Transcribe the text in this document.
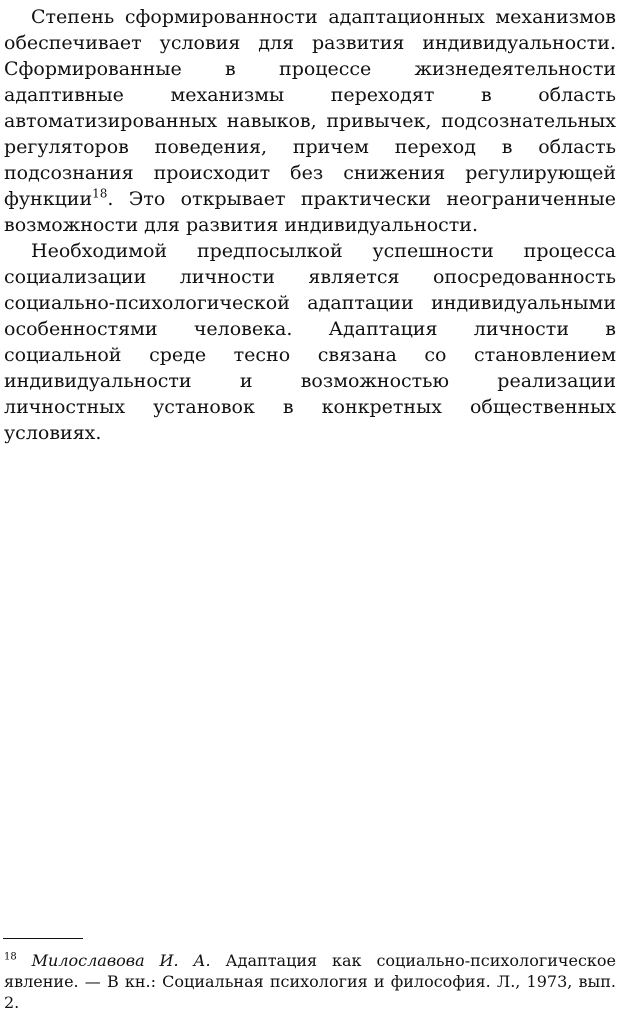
Степень сформированности адаптационных механизмов обеспечивает условия для развития индивидуальности. Сформированные в процессе жизнедеятельности адаптивные механизмы переходят в область автоматизированных навыков, привычек, подсознательных регуляторов поведения, причем переход в область подсознания происходит без снижения регулирующей функции$^{18}$. Это открывает практически неограниченные возможности для развития индивидуальности.

Необходимой предпосылкой успешности процесса социализации личности является опосредованность социально-психологической адаптации индивидуальными особенностями человека. Адаптация личности в социальной среде тесно связана со становлением индивидуальности и возможностью реализации личностных установок в конкретных общественных условиях.

$^{18}$ Милославова И. А. Адаптация как социально-психологическое явление. — В кн.: Социальная психология и философия. Л., 1973, вып. 2.
